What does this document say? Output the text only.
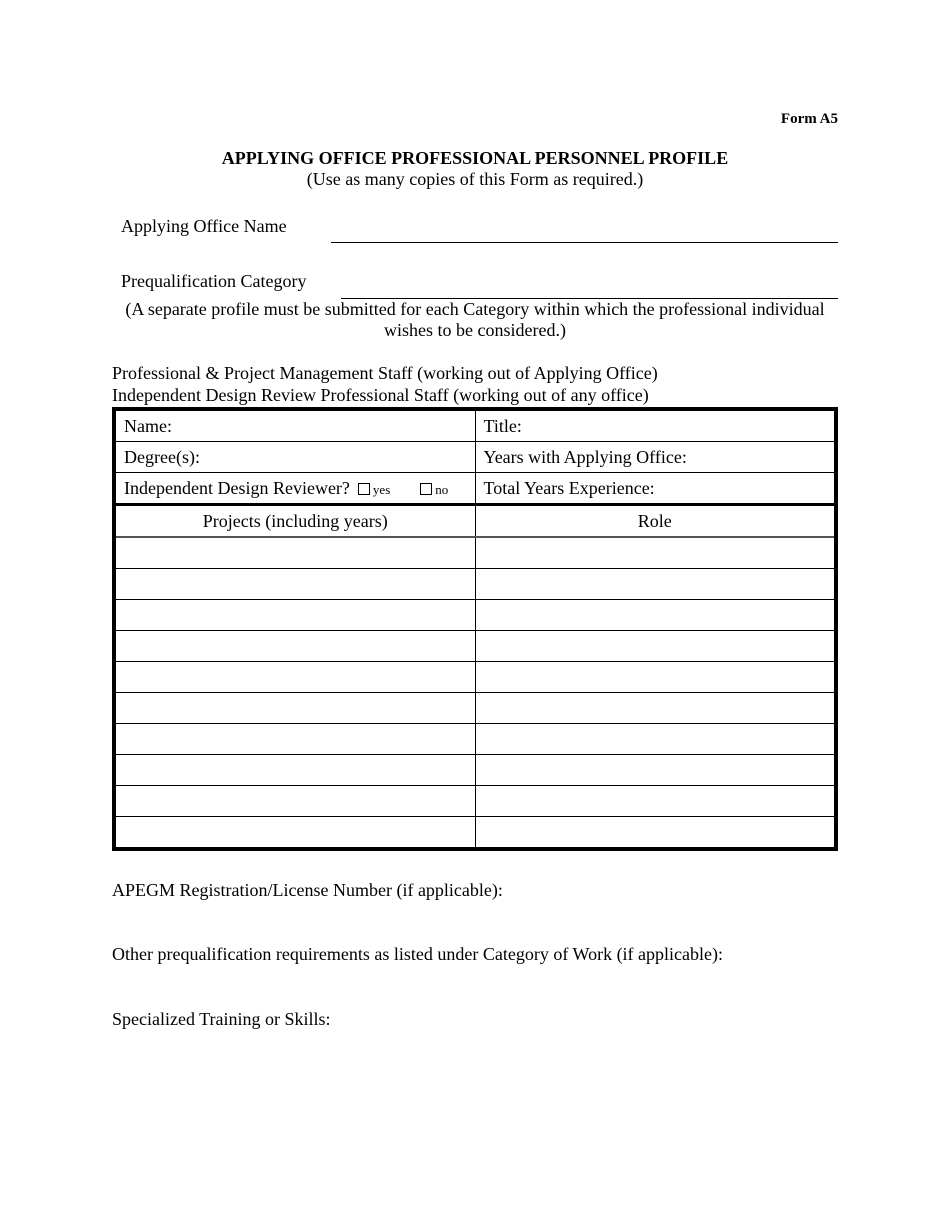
Form A5
APPLYING OFFICE PROFESSIONAL PERSONNEL PROFILE
(Use as many copies of this Form as required.)
Applying Office Name
Prequalification Category
(A separate profile must be submitted for each Category within which the professional individual wishes to be considered.)
Professional & Project Management Staff (working out of Applying Office)
Independent Design Review Professional Staff (working out of any office)
Name:	Title:
Degree(s):	Years with Applying Office:
Independent Design Reviewer? yes no	Total Years Experience:
Projects (including years)	Role

APEGM Registration/License Number (if applicable):
Other prequalification requirements as listed under Category of Work (if applicable):
Specialized Training or Skills:
